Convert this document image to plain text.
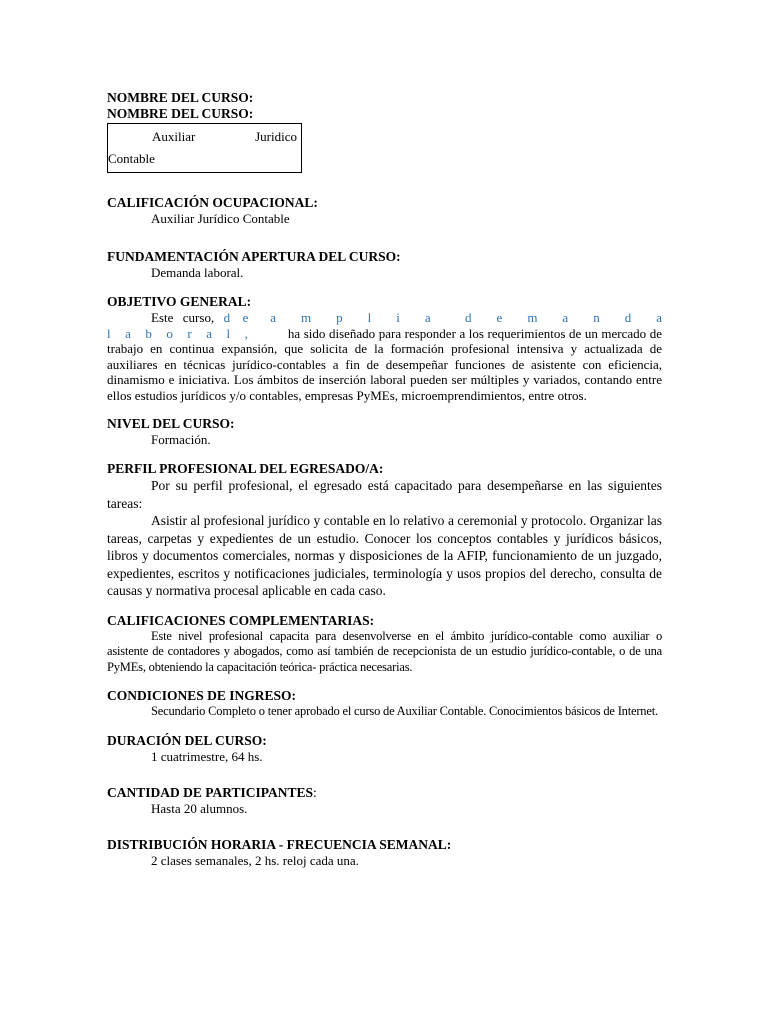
NOMBRE DEL CURSO:

NOMBRE DEL CURSO:

Auxiliar	Juridico
Contable

CALIFICACIÓN OCUPACIONAL:

Auxiliar Jurídico Contable

FUNDAMENTACIÓN APERTURA DEL CURSO:

Demanda laboral.

OBJETIVO GENERAL:

Este curso, de amplia demanda

laboral, ha sido diseñado para responder a los requerimientos de un mercado de trabajo en continua expansión, que solicita de la formación profesional intensiva y actualizada de auxiliares en técnicas jurídico-contables a fin de desempeñar funciones de asistente con eficiencia, dinamismo e iniciativa. Los ámbitos de inserción laboral pueden ser múltiples y variados, contando entre ellos estudios jurídicos y/o contables, empresas PyMEs, microemprendimientos, entre otros.

NIVEL DEL CURSO:

Formación.

PERFIL PROFESIONAL DEL EGRESADO/A:

Por su perfil profesional, el egresado está capacitado para desempeñarse en las siguientes tareas:

Asistir al profesional jurídico y contable en lo relativo a ceremonial y protocolo. Organizar las tareas, carpetas y expedientes de un estudio. Conocer los conceptos contables y jurídicos básicos, libros y documentos comerciales, normas y disposiciones de la AFIP, funcionamiento de un juzgado, expedientes, escritos y notificaciones judiciales, terminología y usos propios del derecho, consulta de causas y normativa procesal aplicable en cada caso.

CALIFICACIONES COMPLEMENTARIAS:

Este nivel profesional capacita para desenvolverse en el ámbito jurídico-contable como auxiliar o asistente de contadores y abogados, como así también de recepcionista de un estudio jurídico-contable, o de una PyMEs, obteniendo la capacitación teórica- práctica necesarias.

CONDICIONES DE INGRESO:

Secundario Completo o tener aprobado el curso de Auxiliar Contable. Conocimientos básicos de Internet.

DURACIÓN DEL CURSO:

1 cuatrimestre, 64 hs.

CANTIDAD DE PARTICIPANTES:

Hasta 20 alumnos.

DISTRIBUCIÓN HORARIA - FRECUENCIA SEMANAL:

2 clases semanales, 2 hs. reloj cada una.
